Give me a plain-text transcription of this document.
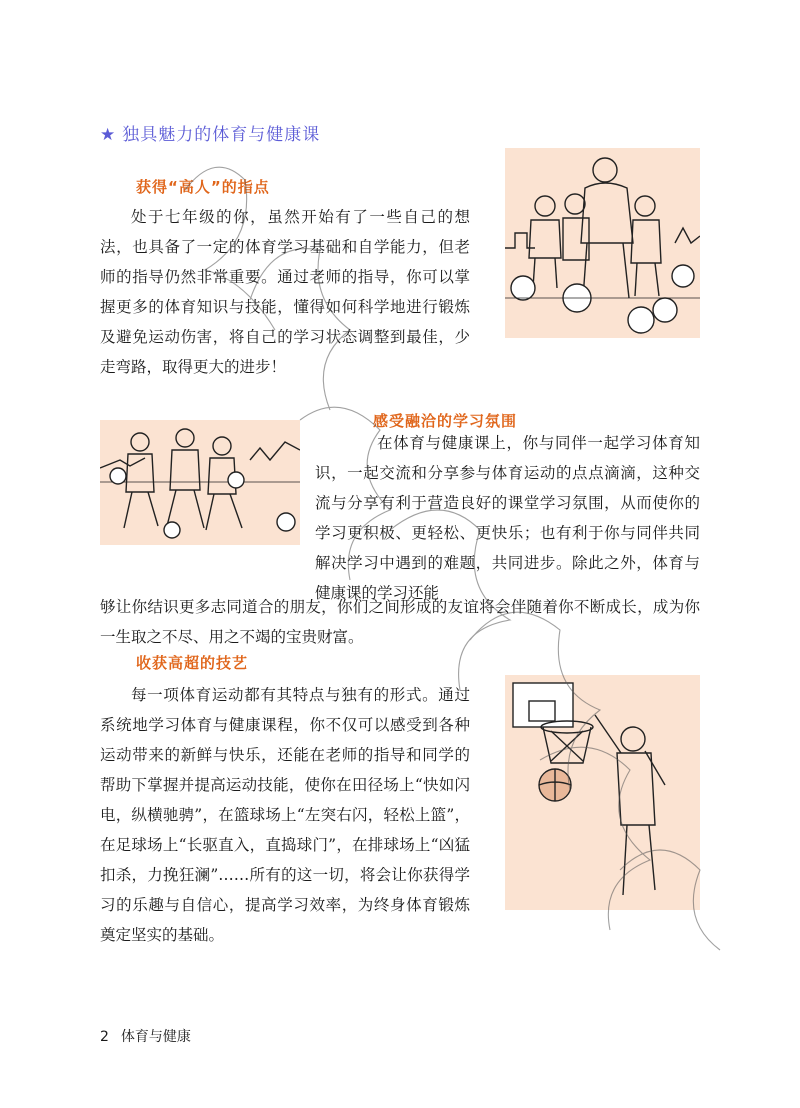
★ 独具魅力的体育与健康课
获得“高人”的指点

处于七年级的你，虽然开始有了一些自己的想法，也具备了一定的体育学习基础和自学能力，但老师的指导仍然非常重要。通过老师的指导，你可以掌握更多的体育知识与技能，懂得如何科学地进行锻炼及避免运动伤害，将自己的学习状态调整到最佳，少走弯路，取得更大的进步！

感受融洽的学习氛围

在体育与健康课上，你与同伴一起学习体育知识，一起交流和分享参与体育运动的点点滴滴，这种交流与分享有利于营造良好的课堂学习氛围，从而使你的学习更积极、更轻松、更快乐；也有利于你与同伴共同解决学习中遇到的难题，共同进步。除此之外，体育与健康课的学习还能

够让你结识更多志同道合的朋友，你们之间形成的友谊将会伴随着你不断成长，成为你一生取之不尽、用之不竭的宝贵财富。

收获高超的技艺

每一项体育运动都有其特点与独有的形式。通过系统地学习体育与健康课程，你不仅可以感受到各种运动带来的新鲜与快乐，还能在老师的指导和同学的帮助下掌握并提高运动技能，使你在田径场上“快如闪电，纵横驰骋”，在篮球场上“左突右闪，轻松上篮”，在足球场上“长驱直入，直捣球门”，在排球场上“凶猛扣杀，力挽狂澜”……所有的这一切，将会让你获得学习的乐趣与自信心，提高学习效率，为终身体育锻炼奠定坚实的基础。

2 体育与健康
